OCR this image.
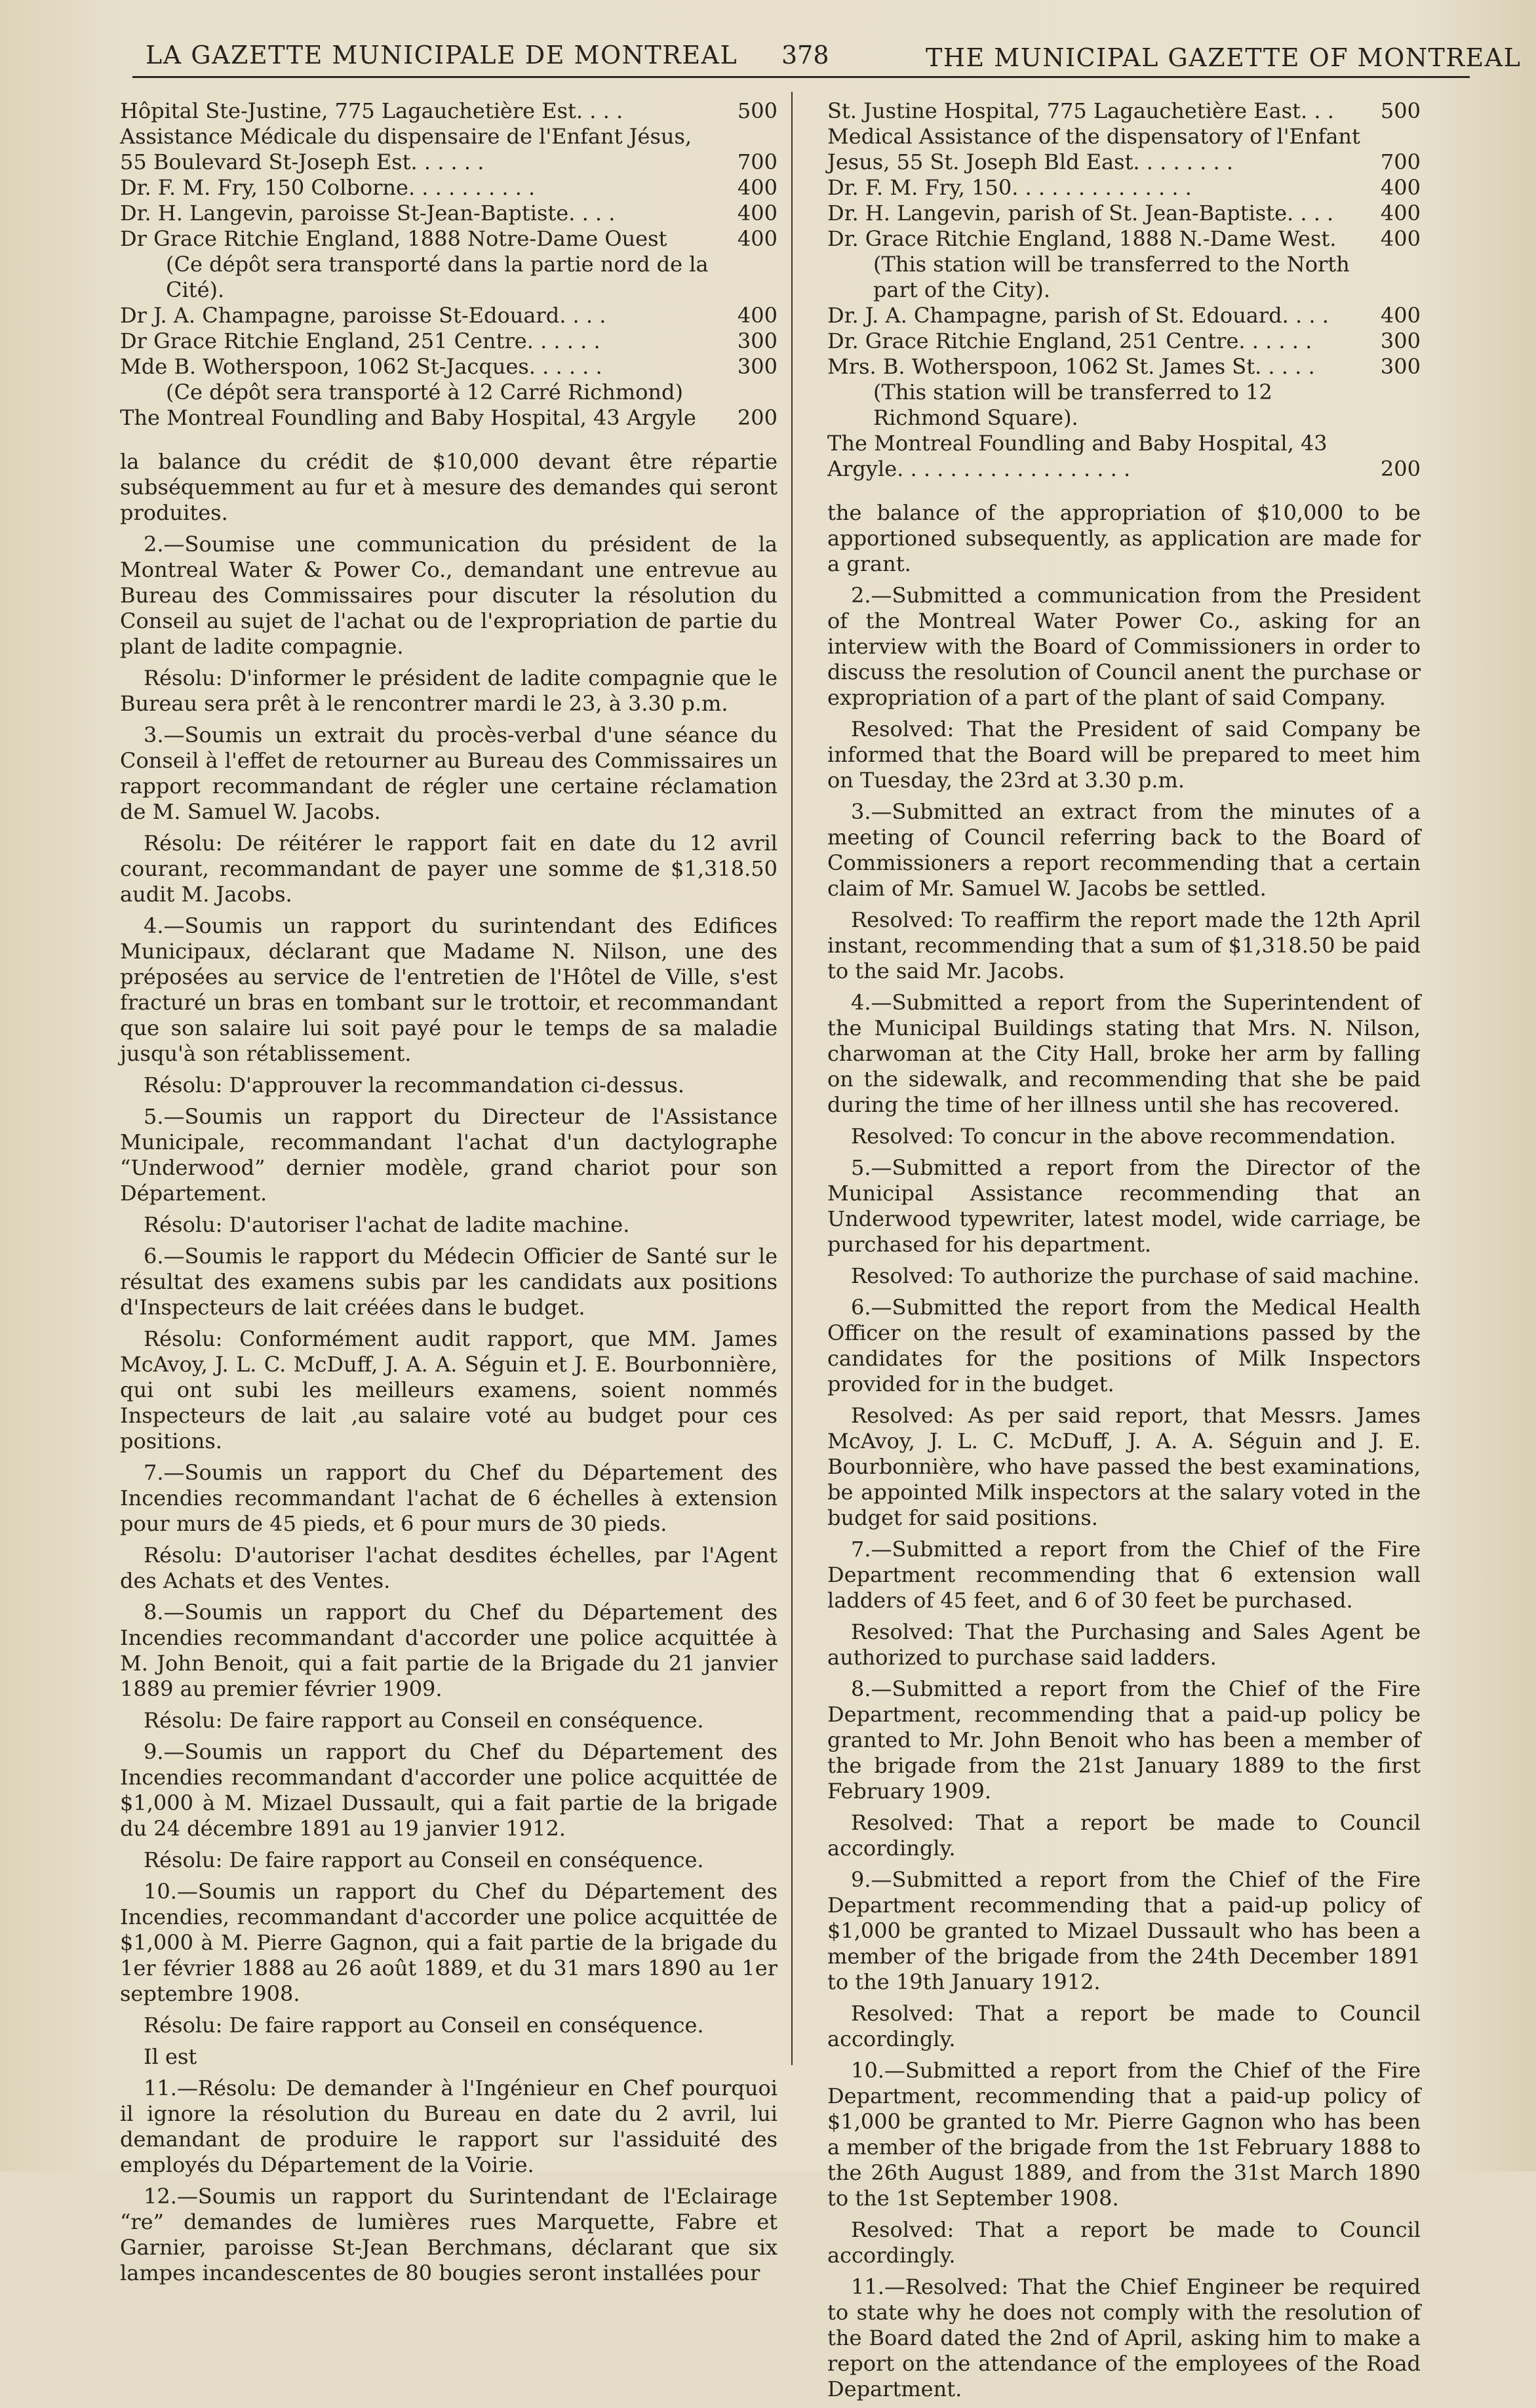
LA GAZETTE MUNICIPALE DE MONTREAL 378	THE MUNICIPAL GAZETTE OF MONTREAL
Hôpital Ste-Justine, 775 Lagauchetière Est. . . .	500
Assistance Médicale du dispensaire de l'Enfant Jésus, 55 Boulevard St-Joseph Est. . . . . .	700
Dr. F. M. Fry, 150 Colborne. . . . . . . . . .	400
Dr. H. Langevin, paroisse St-Jean-Baptiste. . . .	400
Dr Grace Ritchie England, 1888 Notre-Dame Ouest	400
(Ce dépôt sera transporté dans la partie nord de la Cité).
Dr J. A. Champagne, paroisse St-Edouard. . . .	400
Dr Grace Ritchie England, 251 Centre. . . . . .	300
Mde B. Wotherspoon, 1062 St-Jacques. . . . . .	300
(Ce dépôt sera transporté à 12 Carré Richmond)
The Montreal Foundling and Baby Hospital, 43 Argyle	200

la balance du crédit de $10,000 devant être répartie subséquemment au fur et à mesure des demandes qui seront produites.

2.—Soumise une communication du président de la Montreal Water & Power Co., demandant une entrevue au Bureau des Commissaires pour discuter la résolution du Conseil au sujet de l'achat ou de l'expropriation de partie du plant de ladite compagnie.

Résolu: D'informer le président de ladite compagnie que le Bureau sera prêt à le rencontrer mardi le 23, à 3.30 p.m.

3.—Soumis un extrait du procès-verbal d'une séance du Conseil à l'effet de retourner au Bureau des Commissaires un rapport recommandant de régler une certaine réclamation de M. Samuel W. Jacobs.

Résolu: De réitérer le rapport fait en date du 12 avril courant, recommandant de payer une somme de $1,318.50 audit M. Jacobs.

4.—Soumis un rapport du surintendant des Edifices Municipaux, déclarant que Madame N. Nilson, une des préposées au service de l'entretien de l'Hôtel de Ville, s'est fracturé un bras en tombant sur le trottoir, et recommandant que son salaire lui soit payé pour le temps de sa maladie jusqu'à son rétablissement.

Résolu: D'approuver la recommandation ci-dessus.

5.—Soumis un rapport du Directeur de l'Assistance Municipale, recommandant l'achat d'un dactylographe “Underwood” dernier modèle, grand chariot pour son Département.

Résolu: D'autoriser l'achat de ladite machine.

6.—Soumis le rapport du Médecin Officier de Santé sur le résultat des examens subis par les candidats aux positions d'Inspecteurs de lait créées dans le budget.

Résolu: Conformément audit rapport, que MM. James McAvoy, J. L. C. McDuff, J. A. A. Séguin et J. E. Bourbonnière, qui ont subi les meilleurs examens, soient nommés Inspecteurs de lait ,au salaire voté au budget pour ces positions.

7.—Soumis un rapport du Chef du Département des Incendies recommandant l'achat de 6 échelles à extension pour murs de 45 pieds, et 6 pour murs de 30 pieds.

Résolu: D'autoriser l'achat desdites échelles, par l'Agent des Achats et des Ventes.

8.—Soumis un rapport du Chef du Département des Incendies recommandant d'accorder une police acquittée à M. John Benoit, qui a fait partie de la Brigade du 21 janvier 1889 au premier février 1909.

Résolu: De faire rapport au Conseil en conséquence.

9.—Soumis un rapport du Chef du Département des Incendies recommandant d'accorder une police acquittée de $1,000 à M. Mizael Dussault, qui a fait partie de la brigade du 24 décembre 1891 au 19 janvier 1912.

Résolu: De faire rapport au Conseil en conséquence.

10.—Soumis un rapport du Chef du Département des Incendies, recommandant d'accorder une police acquittée de $1,000 à M. Pierre Gagnon, qui a fait partie de la brigade du 1er février 1888 au 26 août 1889, et du 31 mars 1890 au 1er septembre 1908.

Résolu: De faire rapport au Conseil en conséquence.

Il est

11.—Résolu: De demander à l'Ingénieur en Chef pourquoi il ignore la résolution du Bureau en date du 2 avril, lui demandant de produire le rapport sur l'assiduité des employés du Département de la Voirie.

12.—Soumis un rapport du Surintendant de l'Eclairage “re” demandes de lumières rues Marquette, Fabre et Garnier, paroisse St-Jean Berchmans, déclarant que six lampes incandescentes de 80 bougies seront installées pour

St. Justine Hospital, 775 Lagauchetière East. . .	500
Medical Assistance of the dispensatory of l'Enfant Jesus, 55 St. Joseph Bld East. . . . . . . .	700
Dr. F. M. Fry, 150. . . . . . . . . . . . . .	400
Dr. H. Langevin, parish of St. Jean-Baptiste. . . .	400
Dr. Grace Ritchie England, 1888 N.-Dame West.	400
(This station will be transferred to the North part of the City).
Dr. J. A. Champagne, parish of St. Edouard. . . .	400
Dr. Grace Ritchie England, 251 Centre. . . . . .	300
Mrs. B. Wotherspoon, 1062 St. James St. . . . .	300
(This station will be transferred to 12 Richmond Square).
The Montreal Foundling and Baby Hospital, 43 Argyle. . . . . . . . . . . . . . . . . .	200

the balance of the appropriation of $10,000 to be apportioned subsequently, as application are made for a grant.

2.—Submitted a communication from the President of the Montreal Water Power Co., asking for an interview with the Board of Commissioners in order to discuss the resolution of Council anent the purchase or expropriation of a part of the plant of said Company.

Resolved: That the President of said Company be informed that the Board will be prepared to meet him on Tuesday, the 23rd at 3.30 p.m.

3.—Submitted an extract from the minutes of a meeting of Council referring back to the Board of Commissioners a report recommending that a certain claim of Mr. Samuel W. Jacobs be settled.

Resolved: To reaffirm the report made the 12th April instant, recommending that a sum of $1,318.50 be paid to the said Mr. Jacobs.

4.—Submitted a report from the Superintendent of the Municipal Buildings stating that Mrs. N. Nilson, charwoman at the City Hall, broke her arm by falling on the sidewalk, and recommending that she be paid during the time of her illness until she has recovered.

Resolved: To concur in the above recommendation.

5.—Submitted a report from the Director of the Municipal Assistance recommending that an Underwood typewriter, latest model, wide carriage, be purchased for his department.

Resolved: To authorize the purchase of said machine.

6.—Submitted the report from the Medical Health Officer on the result of examinations passed by the candidates for the positions of Milk Inspectors provided for in the budget.

Resolved: As per said report, that Messrs. James McAvoy, J. L. C. McDuff, J. A. A. Séguin and J. E. Bourbonnière, who have passed the best examinations, be appointed Milk inspectors at the salary voted in the budget for said positions.

7.—Submitted a report from the Chief of the Fire Department recommending that 6 extension wall ladders of 45 feet, and 6 of 30 feet be purchased.

Resolved: That the Purchasing and Sales Agent be authorized to purchase said ladders.

8.—Submitted a report from the Chief of the Fire Department, recommending that a paid-up policy be granted to Mr. John Benoit who has been a member of the brigade from the 21st January 1889 to the first February 1909.

Resolved: That a report be made to Council accordingly.

9.—Submitted a report from the Chief of the Fire Department recommending that a paid-up policy of $1,000 be granted to Mizael Dussault who has been a member of the brigade from the 24th December 1891 to the 19th January 1912.

Resolved: That a report be made to Council accordingly.

10.—Submitted a report from the Chief of the Fire Department, recommending that a paid-up policy of $1,000 be granted to Mr. Pierre Gagnon who has been a member of the brigade from the 1st February 1888 to the 26th August 1889, and from the 31st March 1890 to the 1st September 1908.

Resolved: That a report be made to Council accordingly.

11.—Resolved: That the Chief Engineer be required to state why he does not comply with the resolution of the Board dated the 2nd of April, asking him to make a report on the attendance of the employees of the Road Department.
